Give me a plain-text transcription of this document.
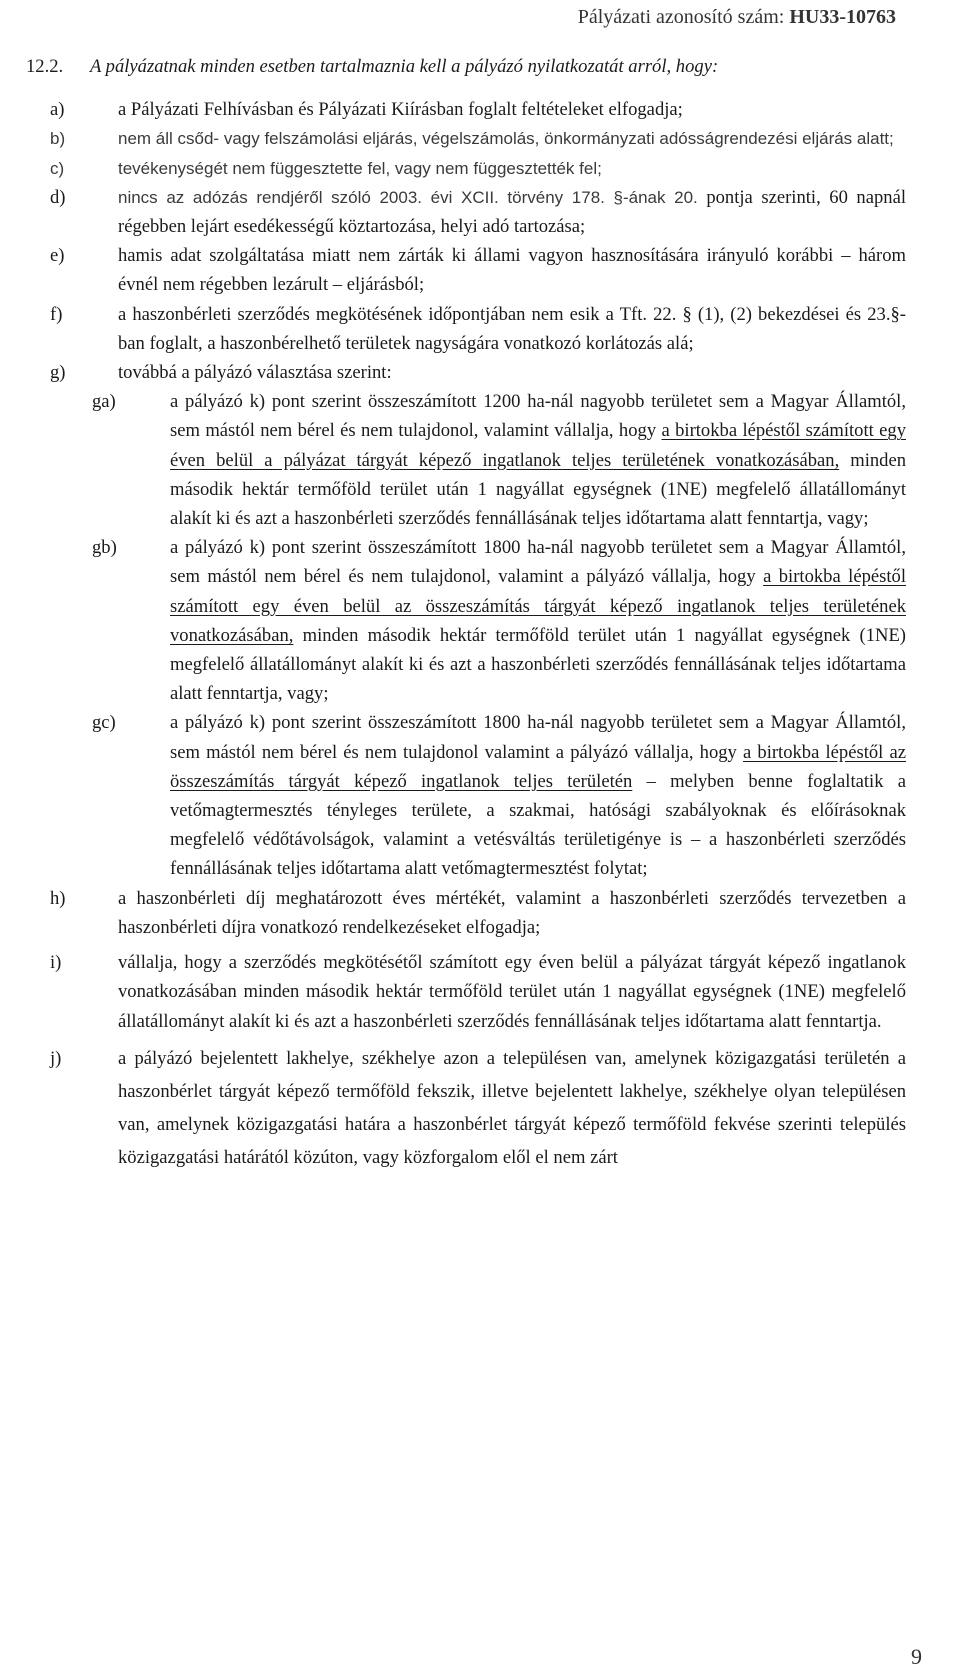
Pályázati azonosító szám: HU33-10763
12.2. A pályázatnak minden esetben tartalmaznia kell a pályázó nyilatkozatát arról, hogy:
a)	a Pályázati Felhívásban és Pályázati Kiírásban foglalt feltételeket elfogadja;
b)	nem áll csőd- vagy felszámolási eljárás, végelszámolás, önkormányzati adósságrendezési eljárás alatt;
c)	tevékenységét nem függesztette fel, vagy nem függesztették fel;
d)	nincs az adózás rendjéről szóló 2003. évi XCII. törvény 178. §-ának 20. pontja szerinti, 60 napnál régebben lejárt esedékességű köztartozása, helyi adó tartozása;
e)	hamis adat szolgáltatása miatt nem zárták ki állami vagyon hasznosítására irányuló korábbi – három évnél nem régebben lezárult – eljárásból;
f)	a haszonbérleti szerződés megkötésének időpontjában nem esik a Tft. 22. § (1), (2) bekezdései és 23.§-ban foglalt, a haszonbérelhető területek nagyságára vonatkozó korlátozás alá;
g)	továbbá a pályázó választása szerint:
ga)	a pályázó k) pont szerint összeszámított 1200 ha-nál nagyobb területet sem a Magyar Államtól, sem mástól nem bérel és nem tulajdonol, valamint vállalja, hogy a birtokba lépéstől számított egy éven belül a pályázat tárgyát képező ingatlanok teljes területének vonatkozásában, minden második hektár termőföld terület után 1 nagyállat egységnek (1NE) megfelelő állatállományt alakít ki és azt a haszonbérleti szerződés fennállásának teljes időtartama alatt fenntartja, vagy;
gb)	a pályázó k) pont szerint összeszámított 1800 ha-nál nagyobb területet sem a Magyar Államtól, sem mástól nem bérel és nem tulajdonol, valamint a pályázó vállalja, hogy a birtokba lépéstől számított egy éven belül az összeszámítás tárgyát képező ingatlanok teljes területének vonatkozásában, minden második hektár termőföld terület után 1 nagyállat egységnek (1NE) megfelelő állatállományt alakít ki és azt a haszonbérleti szerződés fennállásának teljes időtartama alatt fenntartja, vagy;
gc)	a pályázó k) pont szerint összeszámított 1800 ha-nál nagyobb területet sem a Magyar Államtól, sem mástól nem bérel és nem tulajdonol valamint a pályázó vállalja, hogy a birtokba lépéstől az összeszámítás tárgyát képező ingatlanok teljes területén – melyben benne foglaltatik a vetőmagtermesztés tényleges területe, a szakmai, hatósági szabályoknak és előírásoknak megfelelő védőtávolságok, valamint a vetésváltás területigénye is – a haszonbérleti szerződés fennállásának teljes időtartama alatt vetőmagtermesztést folytat;
h)	a haszonbérleti díj meghatározott éves mértékét, valamint a haszonbérleti szerződés tervezetben a haszonbérleti díjra vonatkozó rendelkezéseket elfogadja;
i)	vállalja, hogy a szerződés megkötésétől számított egy éven belül a pályázat tárgyát képező ingatlanok vonatkozásában minden második hektár termőföld terület után 1 nagyállat egységnek (1NE) megfelelő állatállományt alakít ki és azt a haszonbérleti szerződés fennállásának teljes időtartama alatt fenntartja.
j)	a pályázó bejelentett lakhelye, székhelye azon a településen van, amelynek közigazgatási területén a haszonbérlet tárgyát képező termőföld fekszik, illetve bejelentett lakhelye, székhelye olyan településen van, amelynek közigazgatási határa a haszonbérlet tárgyát képező termőföld fekvése szerinti település közigazgatási határától közúton, vagy közforgalom elől el nem zárt
9
